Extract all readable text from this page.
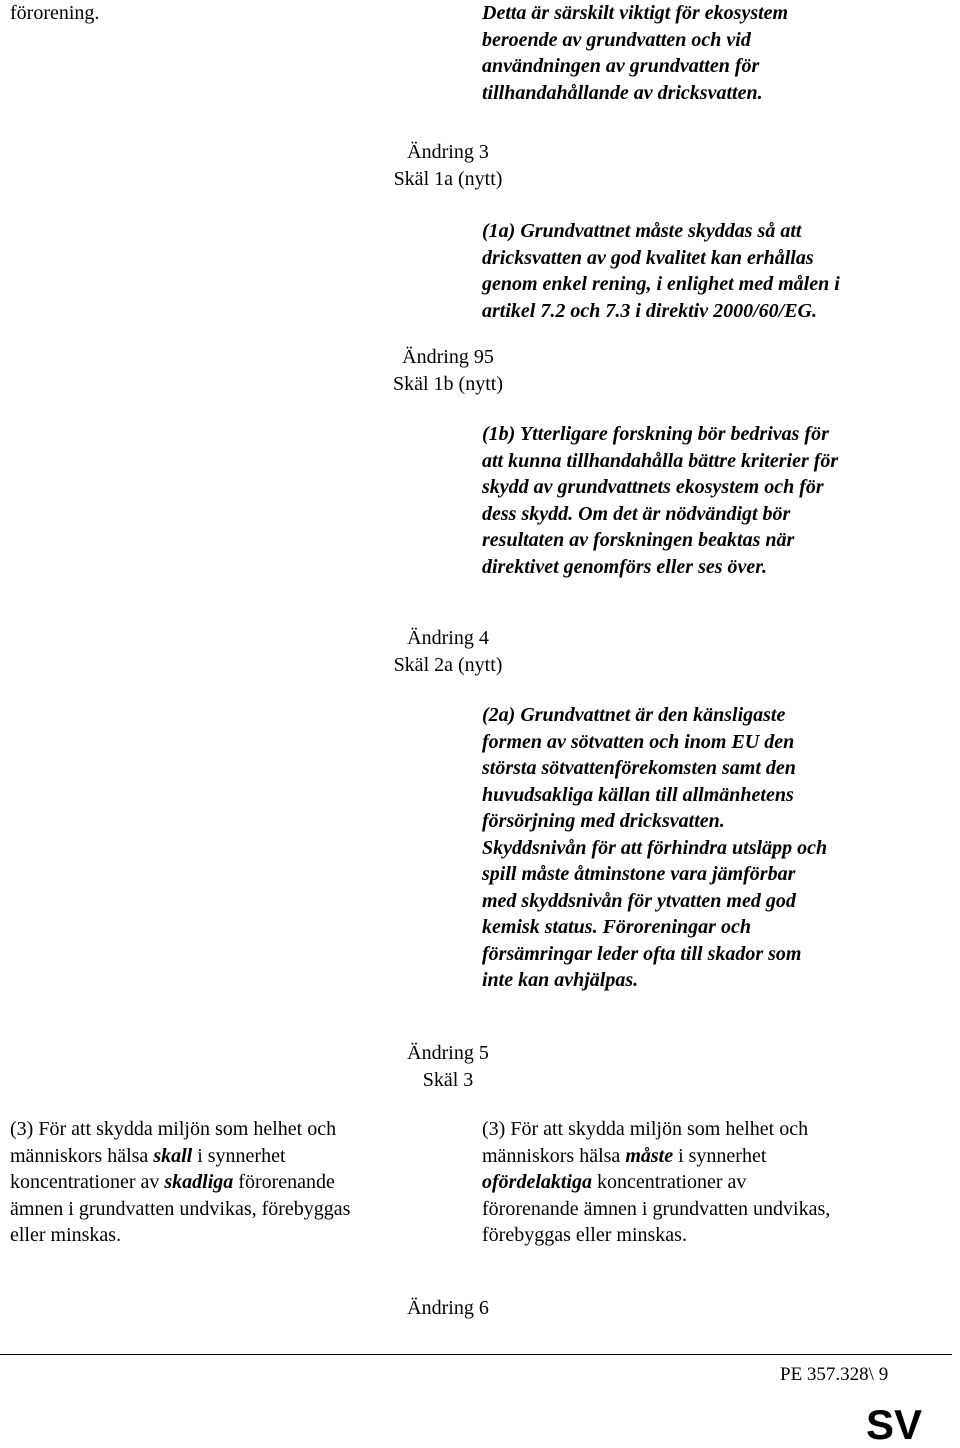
förorening.	Detta är särskilt viktigt för ekosystem
beroende av grundvatten och vid
användningen av grundvatten för
tillhandahållande av dricksvatten.
Ändring 3
Skäl 1a (nytt)
(1a) Grundvattnet måste skyddas så att
dricksvatten av god kvalitet kan erhållas
genom enkel rening, i enlighet med målen i
artikel 7.2 och 7.3 i direktiv 2000/60/EG.
Ändring 95
Skäl 1b (nytt)
(1b) Ytterligare forskning bör bedrivas för
att kunna tillhandahålla bättre kriterier för
skydd av grundvattnets ekosystem och för
dess skydd. Om det är nödvändigt bör
resultaten av forskningen beaktas när
direktivet genomförs eller ses över.
Ändring 4
Skäl 2a (nytt)
(2a) Grundvattnet är den känsligaste
formen av sötvatten och inom EU den
största sötvattenförekomsten samt den
huvudsakliga källan till allmänhetens
försörjning med dricksvatten.
Skyddsnivån för att förhindra utsläpp och
spill måste åtminstone vara jämförbar
med skyddsnivån för ytvatten med god
kemisk status. Föroreningar och
försämringar leder ofta till skador som
inte kan avhjälpas.
Ändring 5
Skäl 3
(3) För att skydda miljön som helhet och
människors hälsa skall i synnerhet
koncentrationer av skadliga förorenande
ämnen i grundvatten undvikas, förebyggas
eller minskas.
(3) För att skydda miljön som helhet och
människors hälsa måste i synnerhet
ofördelaktiga koncentrationer av
förorenande ämnen i grundvatten undvikas,
förebyggas eller minskas.
Ändring 6
PE 357.328\ 9
SV
